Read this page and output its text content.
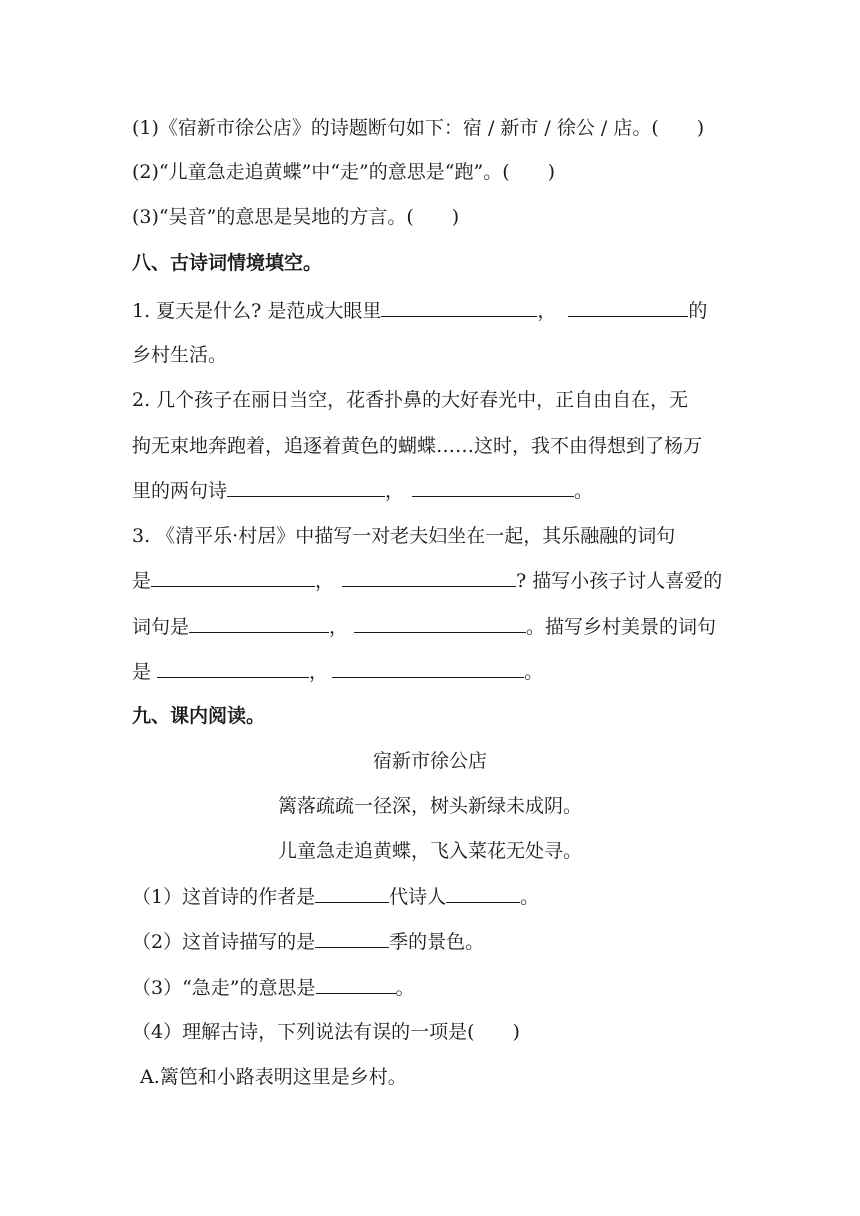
(1)《宿新市徐公店》的诗题断句如下：宿 / 新市 / 徐公 / 店。(　　)
(2)“儿童急走追黄蝶”中“走”的意思是“跑”。(　　)
(3)“吴音”的意思是吴地的方言。(　　)
八、古诗词情境填空。
1. 夏天是什么? 是范成大眼里	，	的
乡村生活。
2. 几个孩子在丽日当空，花香扑鼻的大好春光中，正自由自在，无
拘无束地奔跑着，追逐着黄色的蝴蝶……这时，我不由得想到了杨万
里的两句诗	，	。
3. 《清平乐·村居》中描写一对老夫妇坐在一起，其乐融融的词句
是	，	? 描写小孩子讨人喜爱的
词句是	，	。描写乡村美景的词句
是	，	。
九、课内阅读。
宿新市徐公店
篱落疏疏一径深，树头新绿未成阴。
儿童急走追黄蝶，飞入菜花无处寻。
（1）这首诗的作者是	代诗人	。
（2）这首诗描写的是	季的景色。
（3）“急走”的意思是	。
（4）理解古诗，下列说法有误的一项是(　　)
A.篱笆和小路表明这里是乡村。
